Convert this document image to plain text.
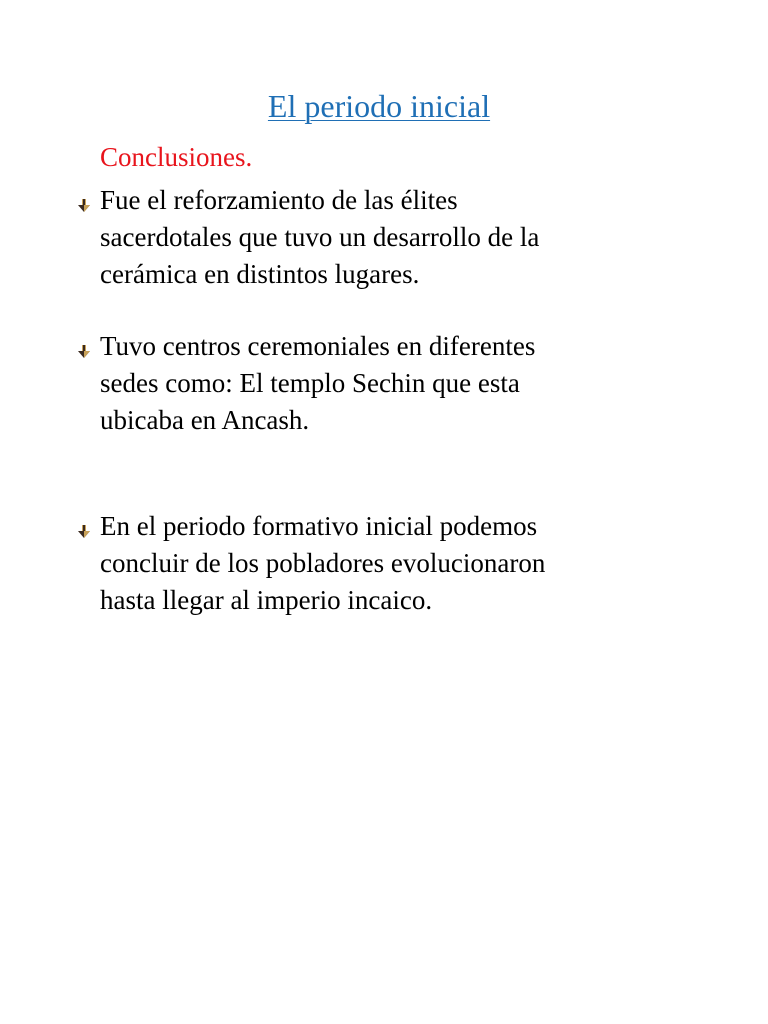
El periodo inicial
Conclusiones.

Fue el reforzamiento de las élites
sacerdotales que tuvo un desarrollo de la
cerámica en distintos lugares.

Tuvo centros ceremoniales en diferentes
sedes como: El templo Sechin que esta
ubicaba en Ancash.

En el periodo formativo inicial podemos
concluir de los pobladores evolucionaron
hasta llegar al imperio incaico.
